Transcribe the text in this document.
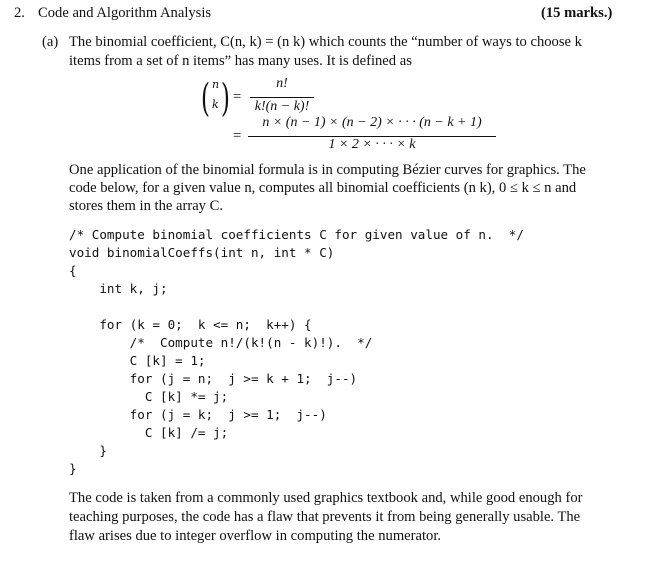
2. Code and Algorithm Analysis	(15 marks.)
(a) The binomial coefficient, C(n, k) = (n k) which counts the “number of ways to choose k
items from a set of n items” has many uses. It is defined as
( n
k ) =
n!
k!(n − k)!
=
n × (n − 1) × (n − 2) × · · · (n − k + 1)
1 × 2 × · · · × k
One application of the binomial formula is in computing Bézier curves for graphics. The
code below, for a given value n, computes all binomial coefficients (n k), 0 ≤ k ≤ n and
stores them in the array C.
/* Compute binomial coefficients C for given value of n.  */
void binomialCoeffs(int n, int * C)
{
int k, j;

for (k = 0;  k <= n;  k++) {
/*  Compute n!/(k!(n - k)!).  */
C [k] = 1;
for (j = n;  j >= k + 1;  j--)
C [k] *= j;
for (j = k;  j >= 1;  j--)
C [k] /= j;
}
}
The code is taken from a commonly used graphics textbook and, while good enough for
teaching purposes, the code has a flaw that prevents it from being generally usable. The
flaw arises due to integer overflow in computing the numerator.
